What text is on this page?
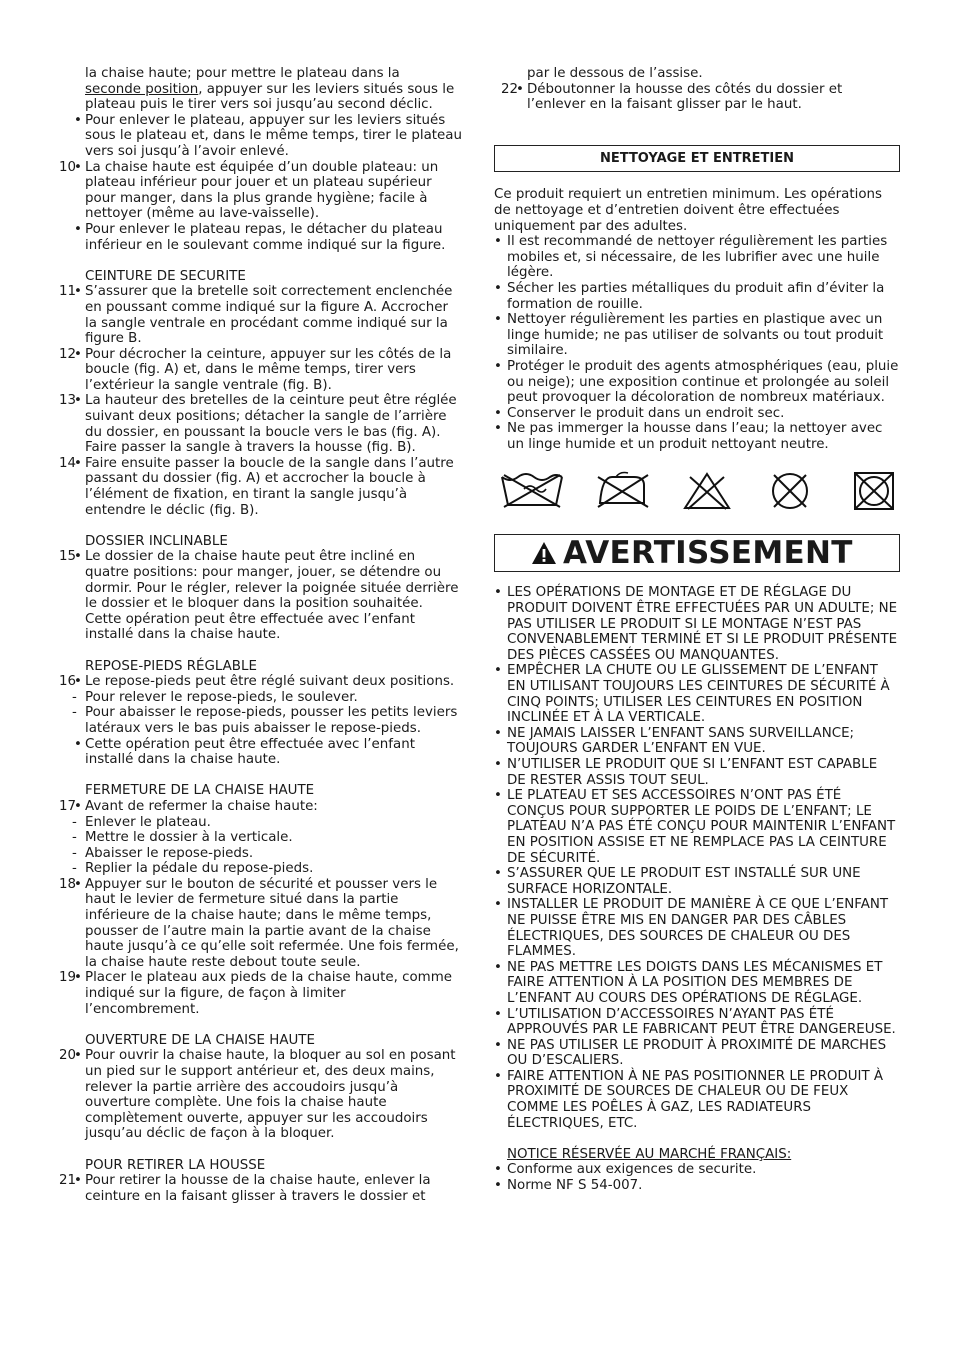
la chaise haute; pour mettre le plateau dans la
seconde position, appuyer sur les leviers situés sous le plateau puis le tirer vers soi jusqu’au second déclic.

• Pour enlever le plateau, appuyer sur les leviers situés sous le plateau et, dans le même temps, tirer le plateau vers soi jusqu’à l’avoir enlevé.
10
• La chaise haute est équipée d’un double plateau: un plateau inférieur pour jouer et un plateau supérieur pour manger, dans la plus grande hygiène; facile à nettoyer (même au lave-vaisselle).
• Pour enlever le plateau repas, le détacher du plateau inférieur en le soulevant comme indiqué sur la figure.
CEINTURE DE SECURITE
11
• S’assurer que la bretelle soit correctement enclenchée en poussant comme indiqué sur la figure A. Accrocher la sangle ventrale en procédant comme indiqué sur la figure B.
12
• Pour décrocher la ceinture, appuyer sur les côtés de la boucle (fig. A) et, dans le même temps, tirer vers l’extérieur la sangle ventrale (fig. B).
13
• La hauteur des bretelles de la ceinture peut être réglée suivant deux positions; détacher la sangle de l’arrière du dossier, en poussant la boucle vers le bas (fig. A). Faire passer la sangle à travers la housse (fig. B).
14
• Faire ensuite passer la boucle de la sangle dans l’autre passant du dossier (fig. A) et accrocher la boucle à l’élément de fixation, en tirant la sangle jusqu’à entendre le déclic (fig. B).
DOSSIER INCLINABLE
15
• Le dossier de la chaise haute peut être incliné en quatre positions: pour manger, jouer, se détendre ou dormir. Pour le régler, relever la poignée située derrière le dossier et le bloquer dans la position souhaitée. Cette opération peut être effectuée avec l’enfant installé dans la chaise haute.
REPOSE-PIEDS RÉGLABLE
16
• Le repose-pieds peut être réglé suivant deux positions.
- Pour relever le repose-pieds, le soulever.
- Pour abaisser le repose-pieds, pousser les petits leviers latéraux vers le bas puis abaisser le repose-pieds.
• Cette opération peut être effectuée avec l’enfant installé dans la chaise haute.
FERMETURE DE LA CHAISE HAUTE
17
• Avant de refermer la chaise haute:
- Enlever le plateau.
- Mettre le dossier à la verticale.
- Abaisser le repose-pieds.
- Replier la pédale du repose-pieds.
18
• Appuyer sur le bouton de sécurité et pousser vers le haut le levier de fermeture situé dans la partie inférieure de la chaise haute; dans le même temps, pousser de l’autre main la partie avant de la chaise haute jusqu’à ce qu’elle soit refermée. Une fois fermée, la chaise haute reste debout toute seule.
19
• Placer le plateau aux pieds de la chaise haute, comme indiqué sur la figure, de façon à limiter l’encombrement.
OUVERTURE DE LA CHAISE HAUTE
20
• Pour ouvrir la chaise haute, la bloquer au sol en posant un pied sur le support antérieur et, des deux mains, relever la partie arrière des accoudoirs jusqu’à ouverture complète. Une fois la chaise haute complètement ouverte, appuyer sur les accoudoirs jusqu’au déclic de façon à la bloquer.
POUR RETIRER LA HOUSSE
21
• Pour retirer la housse de la chaise haute, enlever la ceinture en la faisant glisser à travers le dossier et

par le dessous de l’assise.

22
• Déboutonner la housse des côtés du dossier et l’enlever en la faisant glisser par le haut.
NETTOYAGE ET ENTRETIEN

Ce produit requiert un entretien minimum. Les opérations de nettoyage et d’entretien doivent être effectuées uniquement par des adultes.

• Il est recommandé de nettoyer régulièrement les parties mobiles et, si nécessaire, de les lubrifier avec une huile légère.
• Sécher les parties métalliques du produit afin d’éviter la formation de rouille.
• Nettoyer régulièrement les parties en plastique avec un linge humide; ne pas utiliser de solvants ou tout produit similaire.
• Protéger le produit des agents atmosphériques (eau, pluie ou neige); une exposition continue et prolongée au soleil peut provoquer la décoloration de nombreux matériaux.
• Conserver le produit dans un endroit sec.
• Ne pas immerger la housse dans l’eau; la nettoyer avec un linge humide et un produit nettoyant neutre.
AVERTISSEMENT
• LES OPÉRATIONS DE MONTAGE ET DE RÉGLAGE DU PRODUIT DOIVENT ÊTRE EFFECTUÉES PAR UN ADULTE; NE PAS UTILISER LE PRODUIT SI LE MONTAGE N’EST PAS CONVENABLEMENT TERMINÉ ET SI LE PRODUIT PRÉSENTE DES PIÈCES CASSÉES OU MANQUANTES.
• EMPÊCHER LA CHUTE OU LE GLISSEMENT DE L’ENFANT EN UTILISANT TOUJOURS LES CEINTURES DE SÉCURITÉ À CINQ POINTS; UTILISER LES CEINTURES EN POSITION INCLINÉE ET À LA VERTICALE.
• NE JAMAIS LAISSER L’ENFANT SANS SURVEILLANCE; TOUJOURS GARDER L’ENFANT EN VUE.
• N’UTILISER LE PRODUIT QUE SI L’ENFANT EST CAPABLE DE RESTER ASSIS TOUT SEUL.
• LE PLATEAU ET SES ACCESSOIRES N’ONT PAS ÉTÉ CONÇUS POUR SUPPORTER LE POIDS DE L’ENFANT; LE PLATEAU N’A PAS ÉTÉ CONÇU POUR MAINTENIR L’ENFANT EN POSITION ASSISE ET NE REMPLACE PAS LA CEINTURE DE SÉCURITÉ.
• S’ASSURER QUE LE PRODUIT EST INSTALLÉ SUR UNE SURFACE HORIZONTALE.
• INSTALLER LE PRODUIT DE MANIÈRE À CE QUE L’ENFANT NE PUISSE ÊTRE MIS EN DANGER PAR DES CÂBLES ÉLECTRIQUES, DES SOURCES DE CHALEUR OU DES FLAMMES.
• NE PAS METTRE LES DOIGTS DANS LES MÉCANISMES ET FAIRE ATTENTION À LA POSITION DES MEMBRES DE L’ENFANT AU COURS DES OPÉRATIONS DE RÉGLAGE.
• L’UTILISATION D’ACCESSOIRES N’AYANT PAS ÉTÉ APPROUVÉS PAR LE FABRICANT PEUT ÊTRE DANGEREUSE.
• NE PAS UTILISER LE PRODUIT À PROXIMITÉ DE MARCHES OU D’ESCALIERS.
• FAIRE ATTENTION À NE PAS POSITIONNER LE PRODUIT À PROXIMITÉ DE SOURCES DE CHALEUR OU DE FEUX COMME LES POÊLES À GAZ, LES RADIATEURS ÉLECTRIQUES, ETC.
NOTICE RÉSERVÉE AU MARCHÉ FRANÇAIS:
• Conforme aux exigences de securite.
• Norme NF S 54-007.
